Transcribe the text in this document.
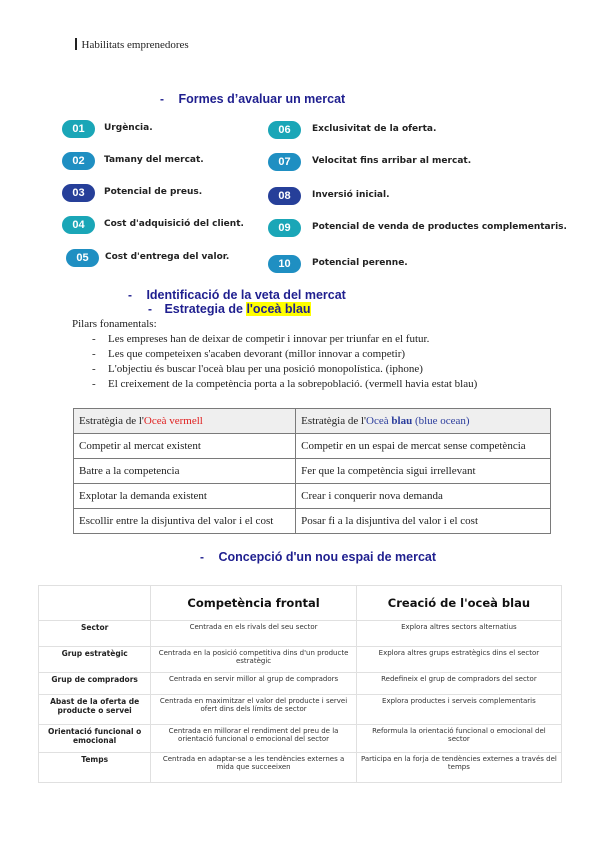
Habilitats emprenedores
- Formes d’avaluar un mercat
01	Urgència.
02	Tamany del mercat.
03	Potencial de preus.
04	Cost d'adquisició del client.
05	Cost d'entrega del valor.
06	Exclusivitat de la oferta.
07	Velocitat fins arribar al mercat.
08	Inversió inicial.
09	Potencial de venda de productes complementaris.
10	Potencial perenne.
- Identificació de la veta del mercat
- Estrategia de l'oceà blau
Pilars fonamentals:
- Les empreses han de deixar de competir i innovar per triunfar en el futur.
- Les que competeixen s'acaben devorant (millor innovar a competir)
- L'objectiu és buscar l'oceà blau per una posició monopolística. (iphone)
- El creixement de la competència porta a la sobrepoblació. (vermell havia estat blau)
Estratègia de l'Oceà vermell	Estratègia de l'Oceà blau (blue ocean)
Competir al mercat existent	Competir en un espai de mercat sense competència
Batre a la competencia	Fer que la competència sigui irrellevant
Explotar la demanda existent	Crear i conquerir nova demanda
Escollir entre la disjuntiva del valor i el cost	Posar fi a la disjuntiva del valor i el cost
- Concepció d'un nou espai de mercat
	Competència frontal	Creació de l'oceà blau
Sector	Centrada en els rivals del seu sector	Explora altres sectors alternatius
Grup estratègic	Centrada en la posició competitiva dins d'un producte estratègic	Explora altres grups estratègics dins el sector
Grup de compradors	Centrada en servir millor al grup de compradors	Redefineix el grup de compradors del sector
Abast de la oferta de producte o servei	Centrada en maximitzar el valor del producte i servei ofert dins dels límits de sector	Explora productes i serveis complementaris
Orientació funcional o emocional	Centrada en millorar el rendiment del preu de la orientació funcional o emocional del sector	Reformula la orientació funcional o emocional del sector
Temps	Centrada en adaptar-se a les tendències externes a mida que succeeixen	Participa en la forja de tendències externes a través del temps
